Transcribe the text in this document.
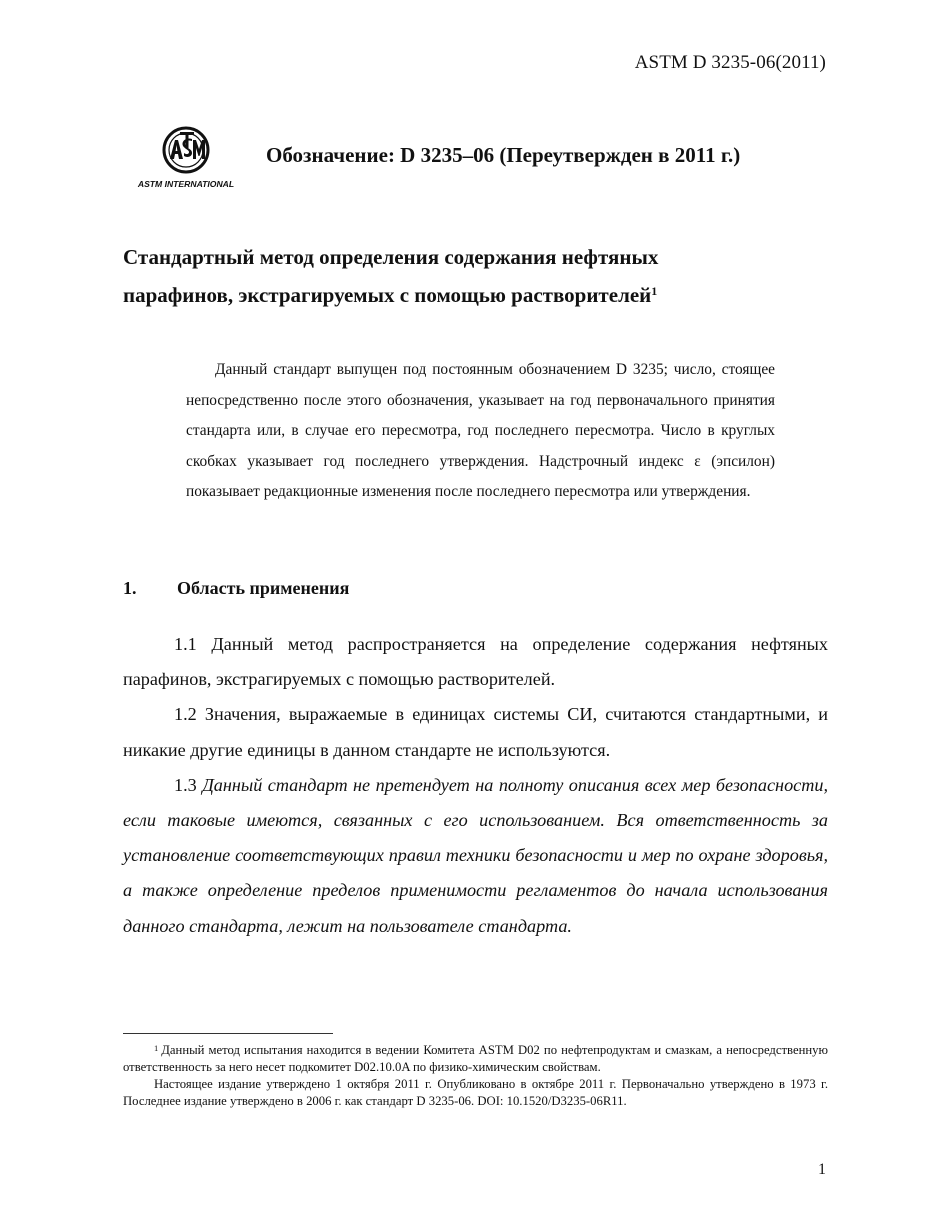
ASTM D 3235-06(2011)
ASTM INTERNATIONAL
Обозначение: D 3235–06 (Переутвержден в 2011 г.)
Стандартный метод определения содержания нефтяных
парафинов, экстрагируемых с помощью растворителей$^1$
Данный стандарт выпущен под постоянным обозначением D 3235; число, стоящее непосредственно после этого обозначения, указывает на год первоначального принятия стандарта или, в случае его пересмотра, год последнего пересмотра. Число в круглых скобках указывает год последнего утверждения. Надстрочный индекс ε (эпсилон) показывает редакционные изменения после последнего пересмотра или утверждения.
1. Область применения

1.1 Данный метод распространяется на определение содержания нефтяных парафинов, экстрагируемых с помощью растворителей.

1.2 Значения, выражаемые в единицах системы СИ, считаются стандартными, и никакие другие единицы в данном стандарте не используются.

1.3 Данный стандарт не претендует на полноту описания всех мер безопасности, если таковые имеются, связанных с его использованием. Вся ответственность за установление соответствующих правил техники безопасности и мер по охране здоровья, а также определение пределов применимости регламентов до начала использования данного стандарта, лежит на пользователе стандарта.

$^1$ Данный метод испытания находится в ведении Комитета ASTM D02 по нефтепродуктам и смазкам, а непосредственную ответственность за него несет подкомитет D02.10.0A по физико-химическим свойствам.

Настоящее издание утверждено 1 октября 2011 г. Опубликовано в октябре 2011 г. Первоначально утверждено в 1973 г. Последнее издание утверждено в 2006 г. как стандарт D 3235-06. DOI: 10.1520/D3235-06R11.

1
